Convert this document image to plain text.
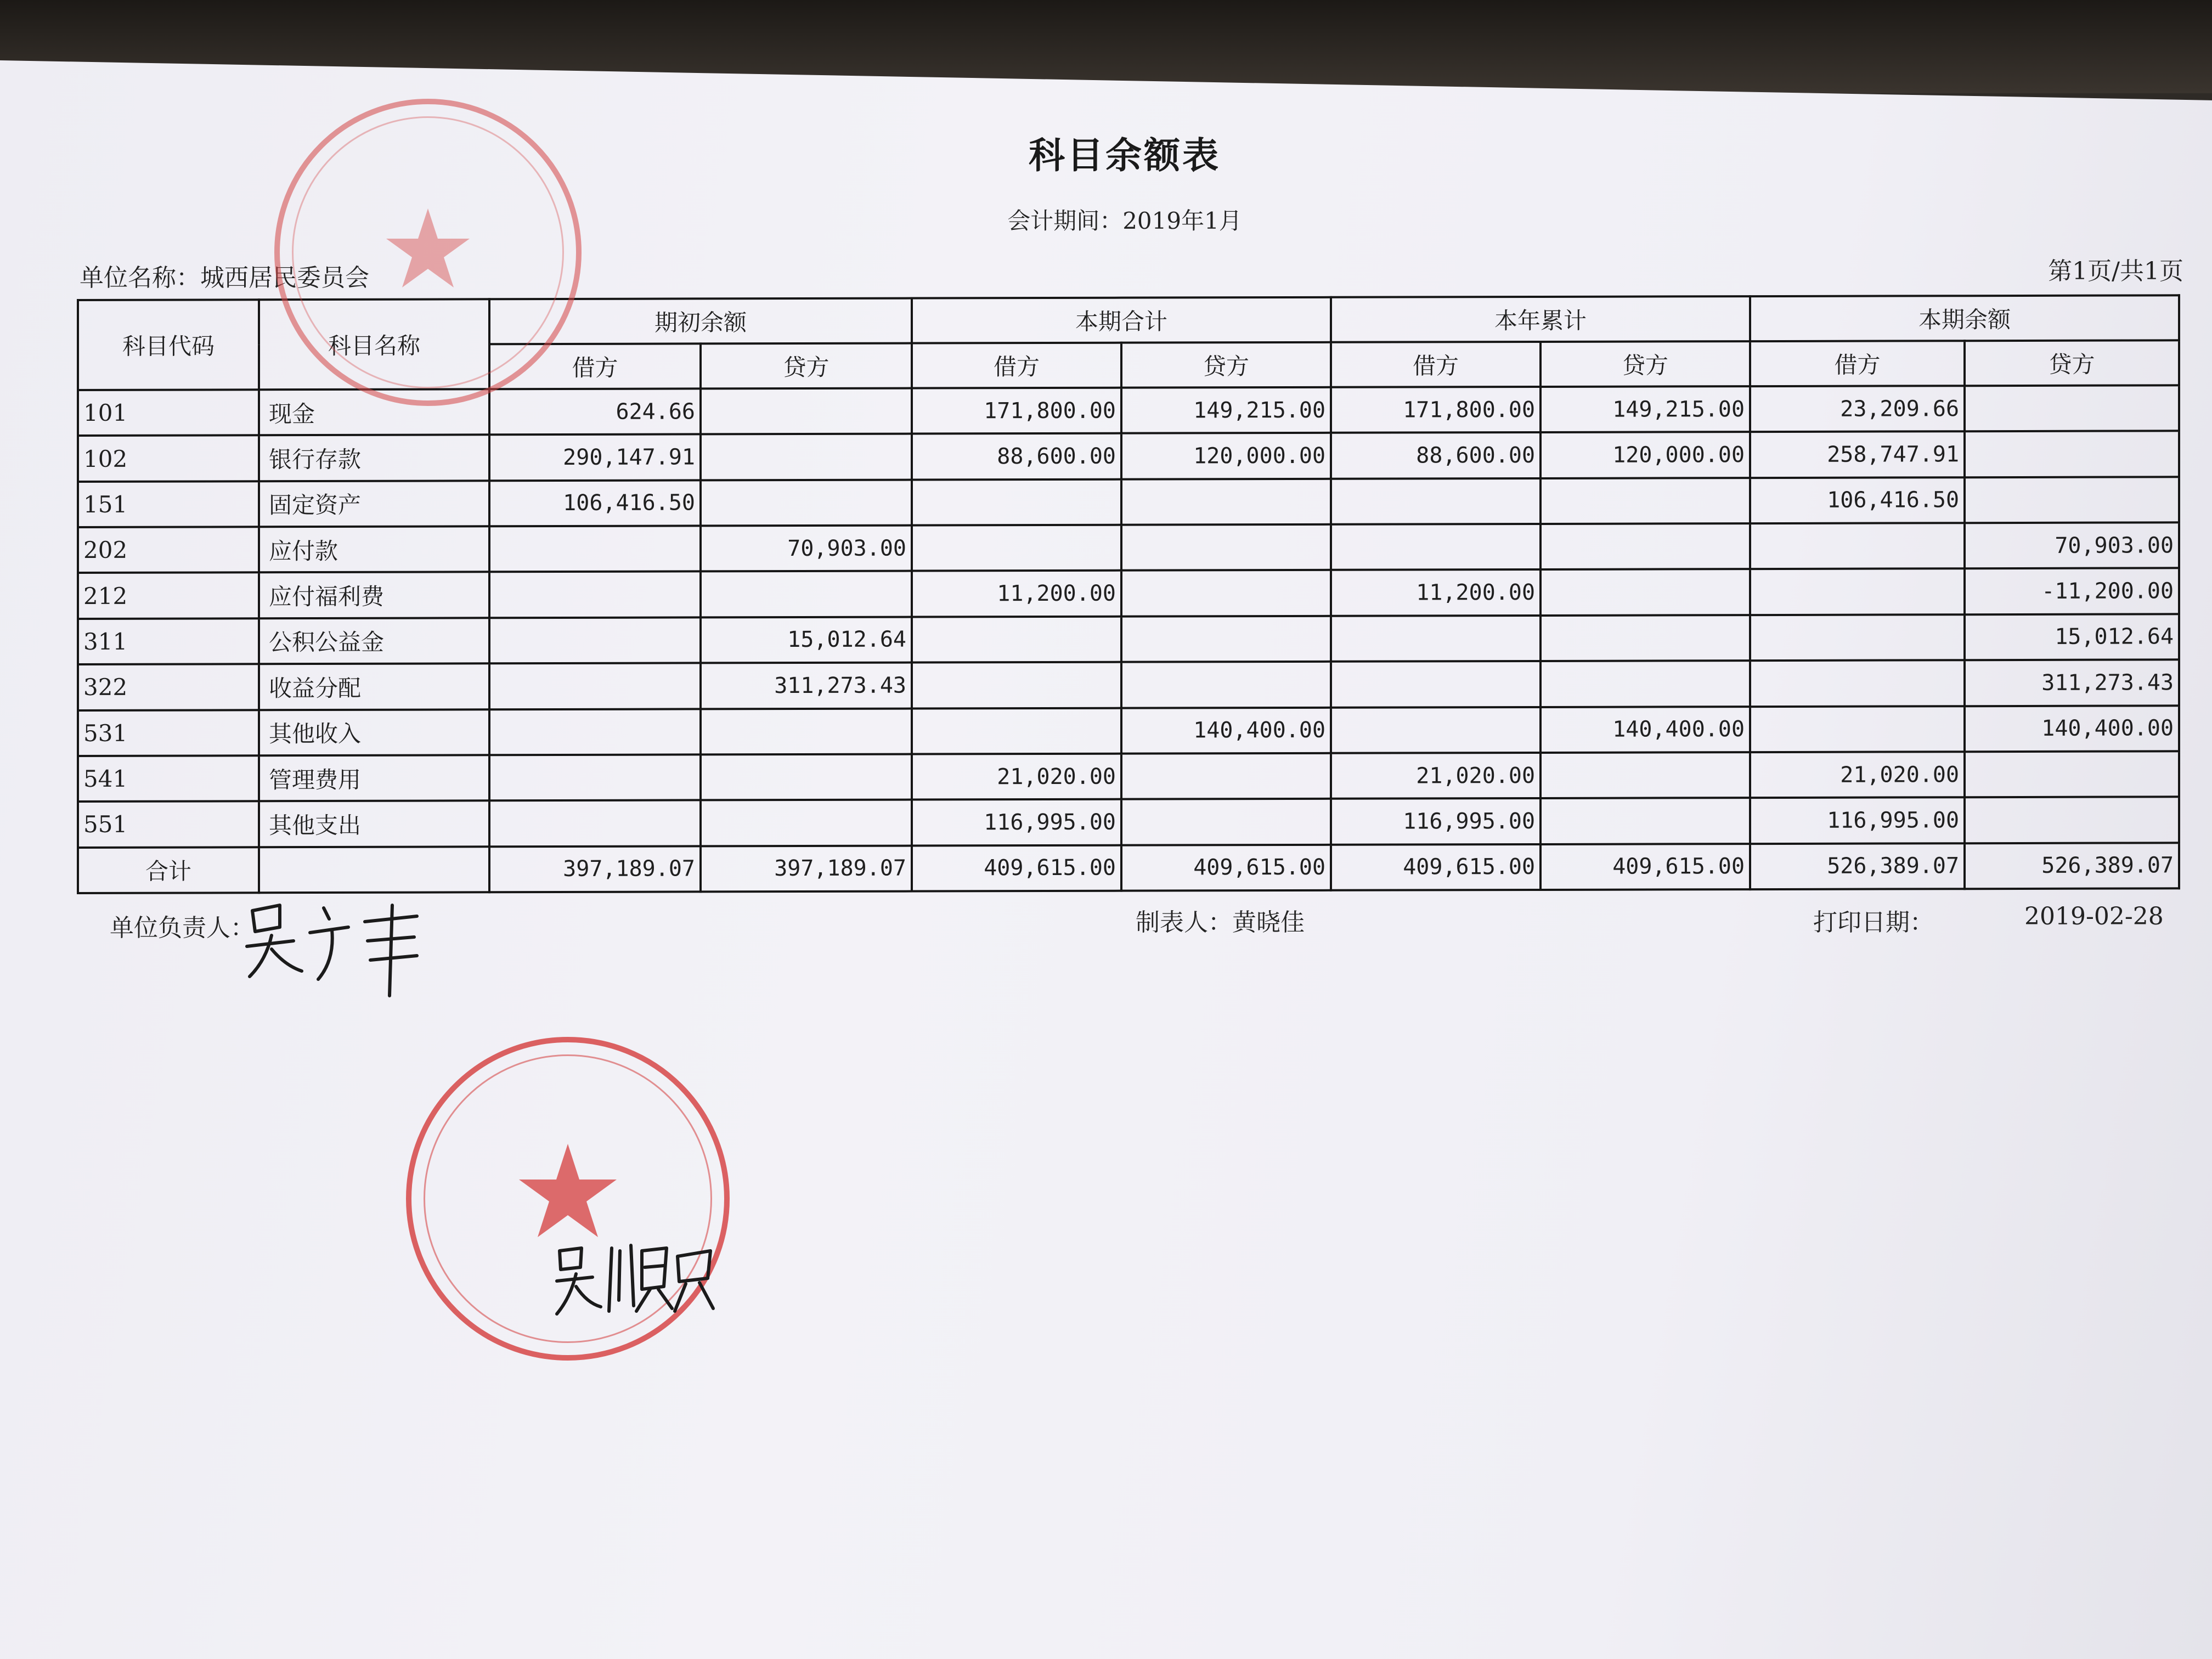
科目余额表
会计期间：2019年1月
单位名称：城西居民委员会	第1页/共1页
科目代码	科目名称	期初余额		本期合计		本年累计		本期余额	
		借方	贷方	借方	贷方	借方	贷方	借方	贷方
101	现金	624.66		171,800.00	149,215.00	171,800.00	149,215.00	23,209.66	
102	银行存款	290,147.91		88,600.00	120,000.00	88,600.00	120,000.00	258,747.91	
151	固定资产	106,416.50						106,416.50	
202	应付款		70,903.00						70,903.00
212	应付福利费			11,200.00		11,200.00			-11,200.00
311	公积公益金		15,012.64						15,012.64
322	收益分配		311,273.43						311,273.43
531	其他收入				140,400.00		140,400.00		140,400.00
541	管理费用			21,020.00		21,020.00		21,020.00	
551	其他支出			116,995.00		116,995.00		116,995.00	
合计		397,189.07	397,189.07	409,615.00	409,615.00	409,615.00	409,615.00	526,389.07	526,389.07
单位负责人：	制表人：黄晓佳	打印日期：	2019-02-28
